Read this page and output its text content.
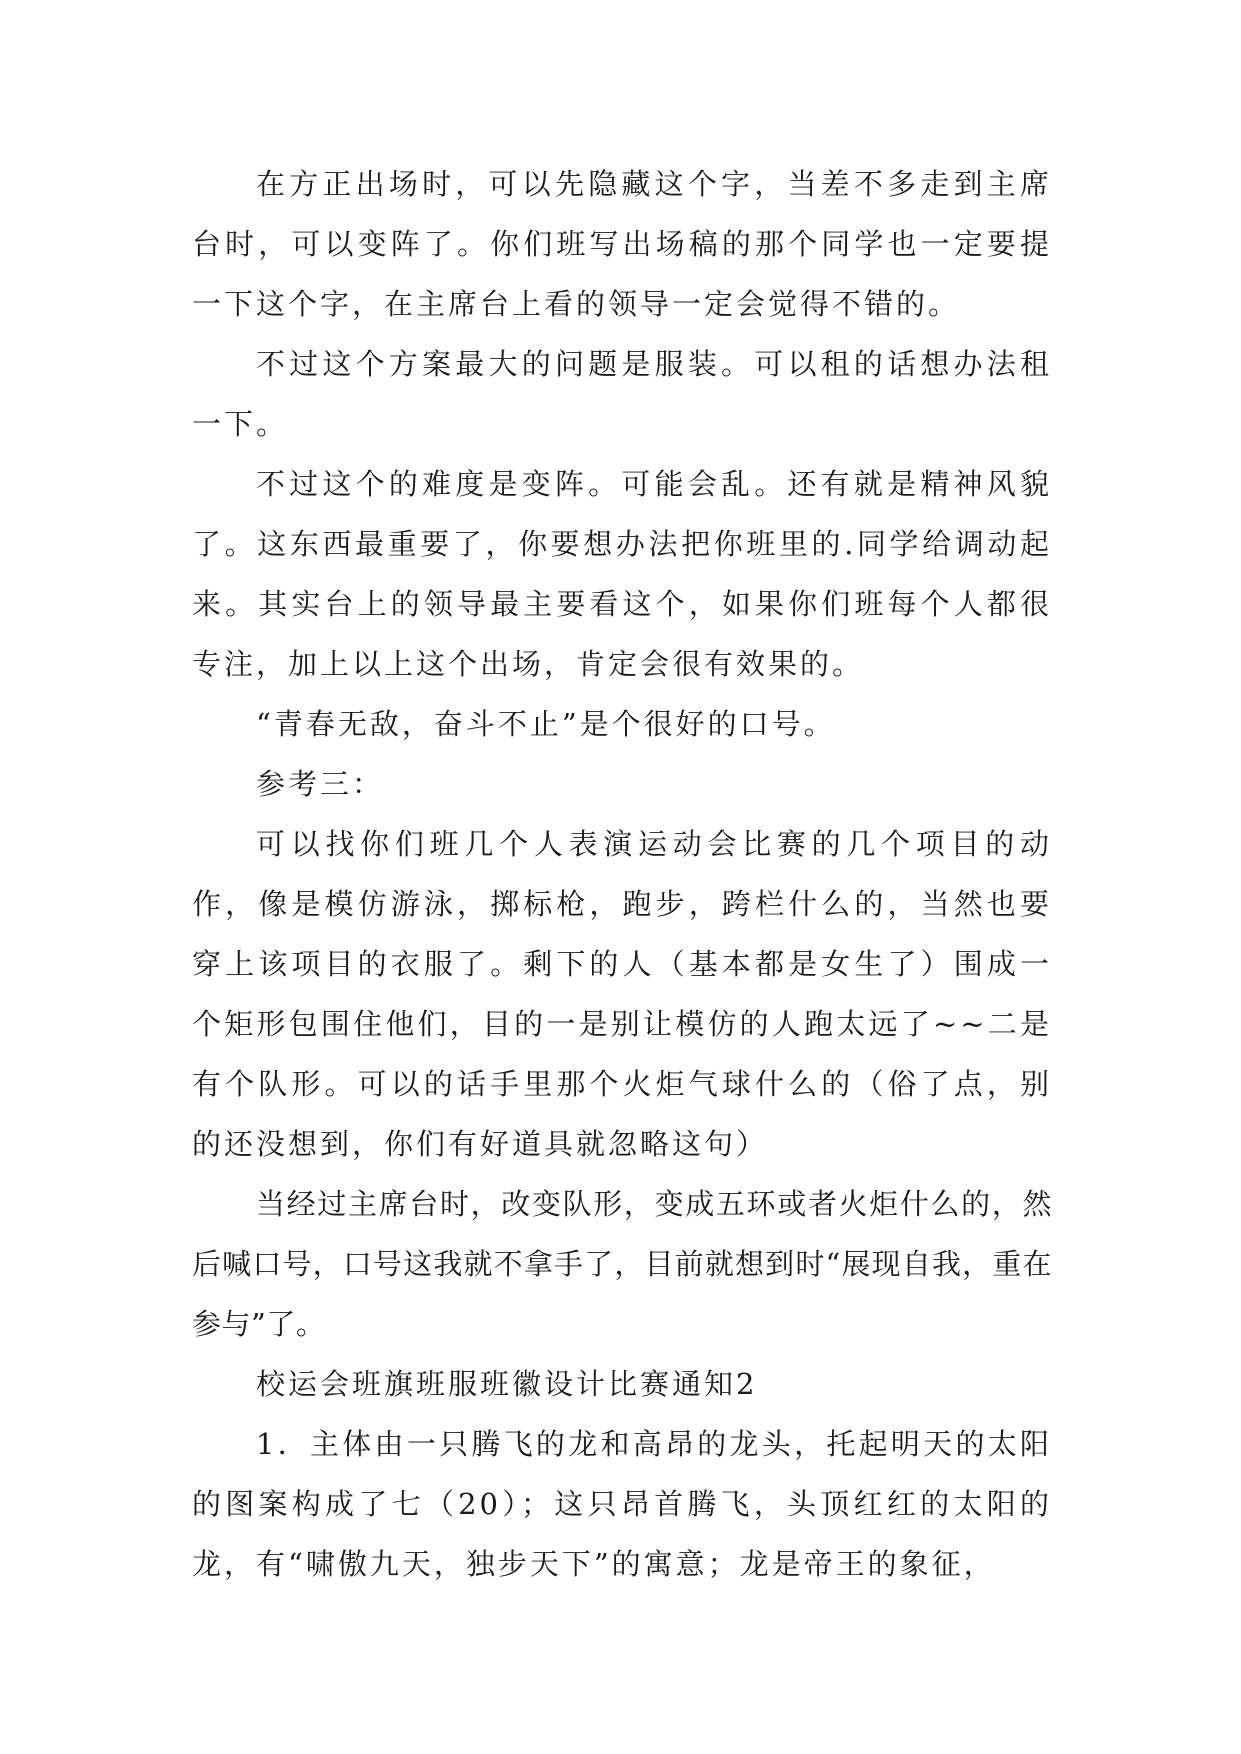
在方正出场时，可以先隐藏这个字，当差不多走到主席台时，可以变阵了。你们班写出场稿的那个同学也一定要提一下这个字，在主席台上看的领导一定会觉得不错的。

不过这个方案最大的问题是服装。可以租的话想办法租一下。

不过这个的难度是变阵。可能会乱。还有就是精神风貌了。这东西最重要了，你要想办法把你班里的.同学给调动起来。其实台上的领导最主要看这个，如果你们班每个人都很专注，加上以上这个出场，肯定会很有效果的。

“青春无敌，奋斗不止”是个很好的口号。

参考三：

可以找你们班几个人表演运动会比赛的几个项目的动作，像是模仿游泳，掷标枪，跑步，跨栏什么的，当然也要穿上该项目的衣服了。剩下的人（基本都是女生了）围成一个矩形包围住他们，目的一是别让模仿的人跑太远了~~二是有个队形。可以的话手里那个火炬气球什么的（俗了点，别的还没想到，你们有好道具就忽略这句）

当经过主席台时，改变队形，变成五环或者火炬什么的，然后喊口号，口号这我就不拿手了，目前就想到时“展现自我，重在参与”了。

校运会班旗班服班徽设计比赛通知2

1．主体由一只腾飞的龙和高昂的龙头，托起明天的太阳的图案构成了七（20）；这只昂首腾飞，头顶红红的太阳的龙，有“啸傲九天，独步天下”的寓意；龙是帝王的象征，
